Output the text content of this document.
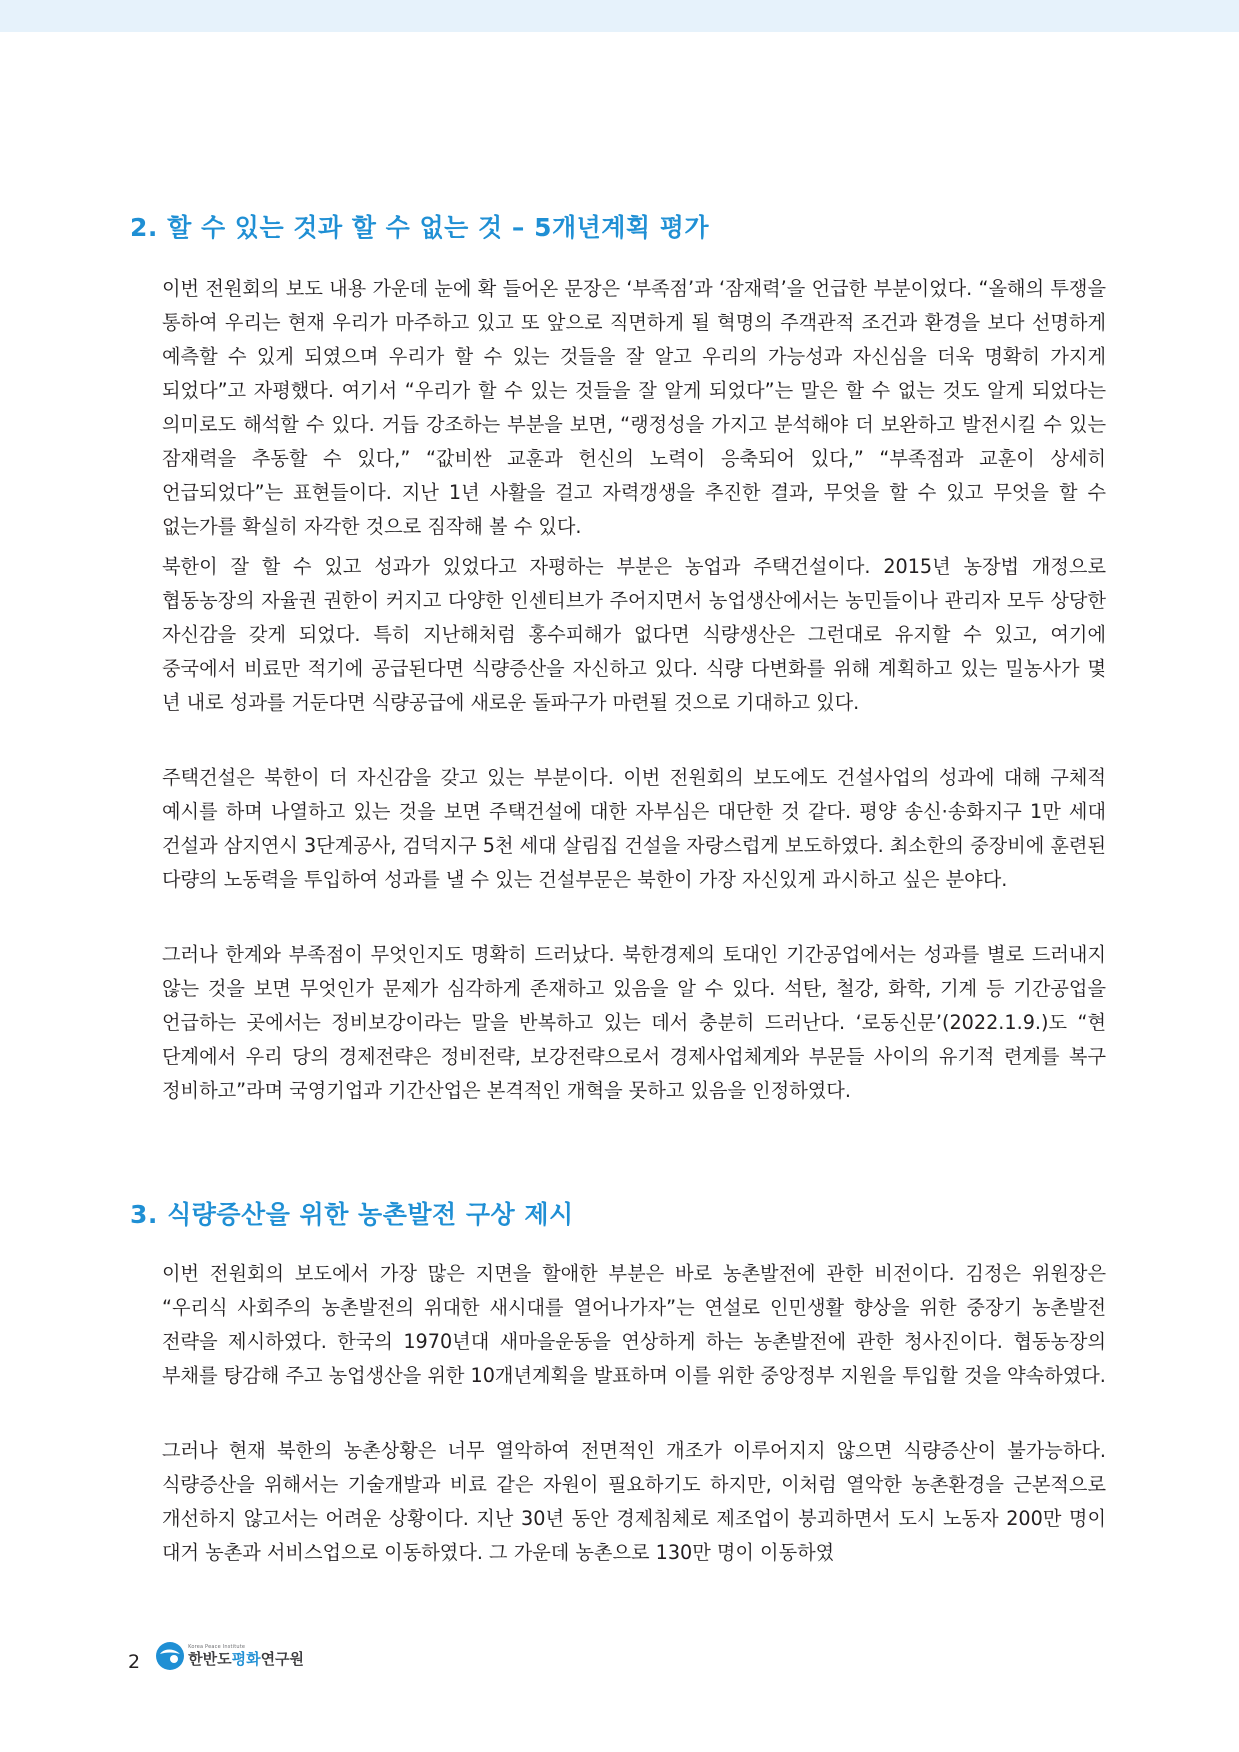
2. 할 수 있는 것과 할 수 없는 것 – 5개년계획 평가

이번 전원회의 보도 내용 가운데 눈에 확 들어온 문장은 ‘부족점’과 ‘잠재력’을 언급한 부분이었다. “올해의 투쟁을 통하여 우리는 현재 우리가 마주하고 있고 또 앞으로 직면하게 될 혁명의 주객관적 조건과 환경을 보다 선명하게 예측할 수 있게 되였으며 우리가 할 수 있는 것들을 잘 알고 우리의 가능성과 자신심을 더욱 명확히 가지게 되었다”고 자평했다. 여기서 “우리가 할 수 있는 것들을 잘 알게 되었다”는 말은 할 수 없는 것도 알게 되었다는 의미로도 해석할 수 있다. 거듭 강조하는 부분을 보면, “랭정성을 가지고 분석해야 더 보완하고 발전시킬 수 있는 잠재력을 추동할 수 있다,” “값비싼 교훈과 헌신의 노력이 응축되어 있다,” “부족점과 교훈이 상세히 언급되었다”는 표현들이다. 지난 1년 사활을 걸고 자력갱생을 추진한 결과, 무엇을 할 수 있고 무엇을 할 수 없는가를 확실히 자각한 것으로 짐작해 볼 수 있다.

북한이 잘 할 수 있고 성과가 있었다고 자평하는 부분은 농업과 주택건설이다. 2015년 농장법 개정으로 협동농장의 자율권 권한이 커지고 다양한 인센티브가 주어지면서 농업생산에서는 농민들이나 관리자 모두 상당한 자신감을 갖게 되었다. 특히 지난해처럼 홍수피해가 없다면 식량생산은 그런대로 유지할 수 있고, 여기에 중국에서 비료만 적기에 공급된다면 식량증산을 자신하고 있다. 식량 다변화를 위해 계획하고 있는 밀농사가 몇 년 내로 성과를 거둔다면 식량공급에 새로운 돌파구가 마련될 것으로 기대하고 있다.

주택건설은 북한이 더 자신감을 갖고 있는 부분이다. 이번 전원회의 보도에도 건설사업의 성과에 대해 구체적 예시를 하며 나열하고 있는 것을 보면 주택건설에 대한 자부심은 대단한 것 같다. 평양 송신·송화지구 1만 세대 건설과 삼지연시 3단계공사, 검덕지구 5천 세대 살림집 건설을 자랑스럽게 보도하였다. 최소한의 중장비에 훈련된 다량의 노동력을 투입하여 성과를 낼 수 있는 건설부문은 북한이 가장 자신있게 과시하고 싶은 분야다.

그러나 한계와 부족점이 무엇인지도 명확히 드러났다. 북한경제의 토대인 기간공업에서는 성과를 별로 드러내지 않는 것을 보면 무엇인가 문제가 심각하게 존재하고 있음을 알 수 있다. 석탄, 철강, 화학, 기계 등 기간공업을 언급하는 곳에서는 정비보강이라는 말을 반복하고 있는 데서 충분히 드러난다. ‘로동신문’(2022.1.9.)도 “현 단계에서 우리 당의 경제전략은 정비전략, 보강전략으로서 경제사업체계와 부문들 사이의 유기적 련계를 복구 정비하고”라며 국영기업과 기간산업은 본격적인 개혁을 못하고 있음을 인정하였다.

3. 식량증산을 위한 농촌발전 구상 제시

이번 전원회의 보도에서 가장 많은 지면을 할애한 부분은 바로 농촌발전에 관한 비전이다. 김정은 위원장은 “우리식 사회주의 농촌발전의 위대한 새시대를 열어나가자”는 연설로 인민생활 향상을 위한 중장기 농촌발전 전략을 제시하였다. 한국의 1970년대 새마을운동을 연상하게 하는 농촌발전에 관한 청사진이다. 협동농장의 부채를 탕감해 주고 농업생산을 위한 10개년계획을 발표하며 이를 위한 중앙정부 지원을 투입할 것을 약속하였다.

그러나 현재 북한의 농촌상황은 너무 열악하여 전면적인 개조가 이루어지지 않으면 식량증산이 불가능하다. 식량증산을 위해서는 기술개발과 비료 같은 자원이 필요하기도 하지만, 이처럼 열악한 농촌환경을 근본적으로 개선하지 않고서는 어려운 상황이다. 지난 30년 동안 경제침체로 제조업이 붕괴하면서 도시 노동자 200만 명이 대거 농촌과 서비스업으로 이동하였다. 그 가운데 농촌으로 130만 명이 이동하였

2
Korea Peace Institute
한반도평화연구원
